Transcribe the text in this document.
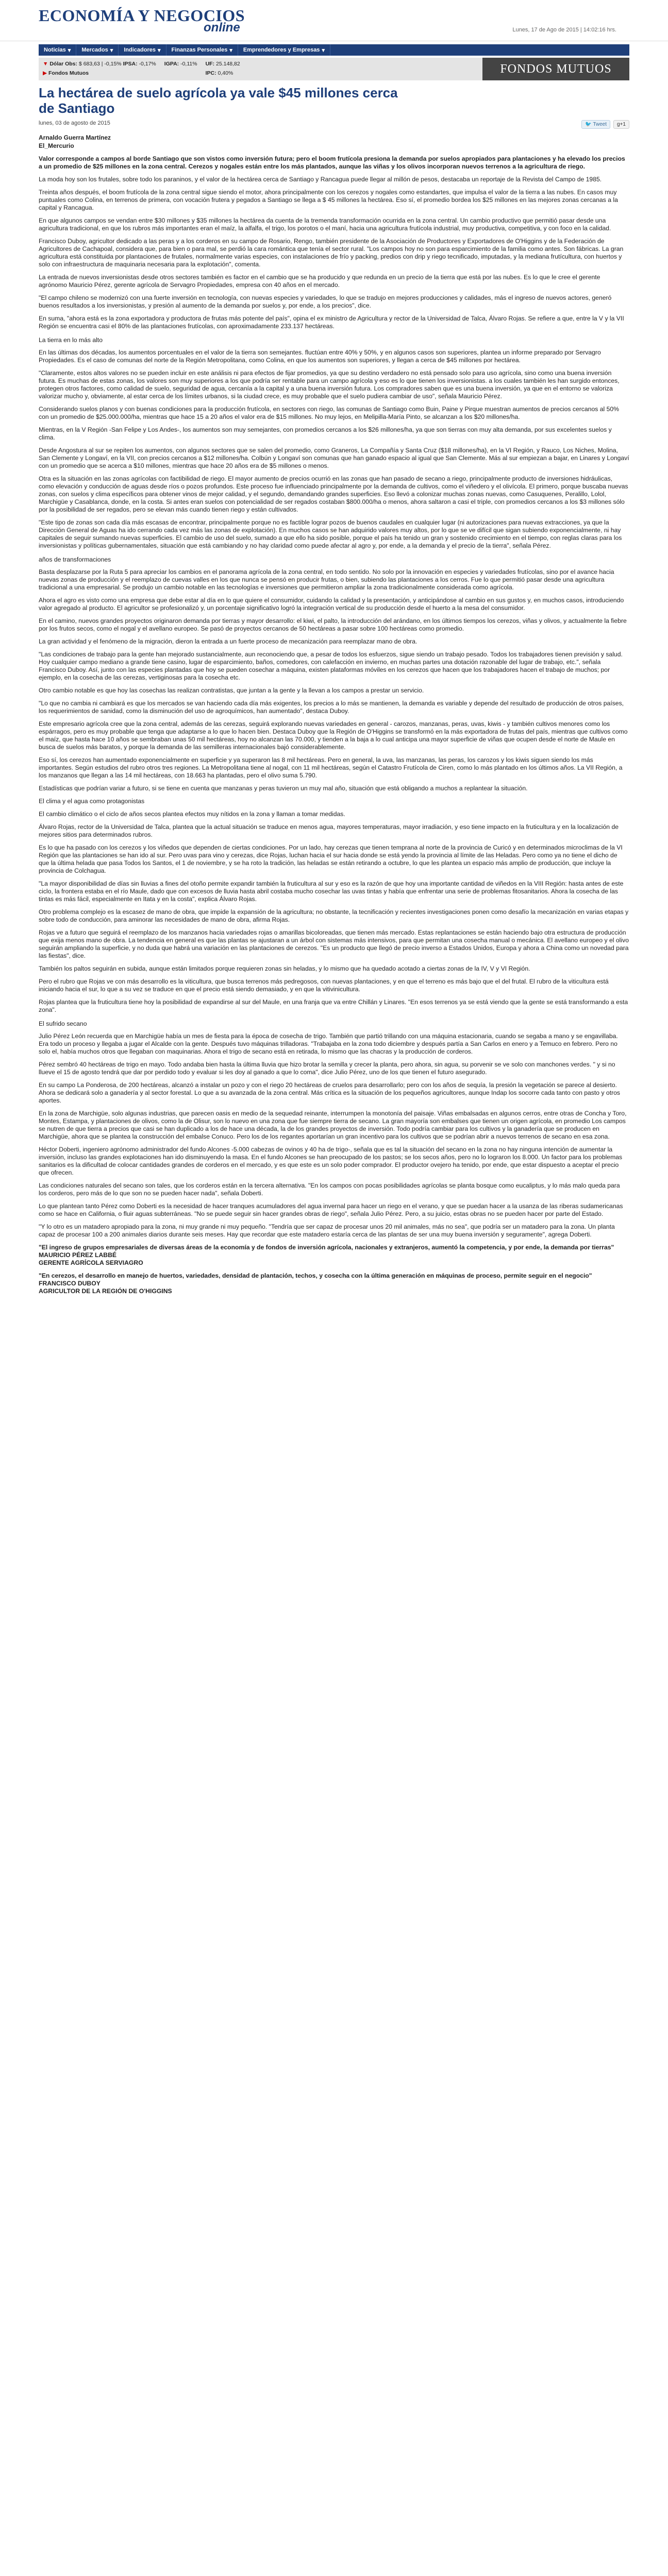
ECONOMÍA Y NEGOCIOS
online	Lunes, 17 de Ago de 2015 | 14:02:16 hrs.
Noticias ▾ Mercados ▾ Indicadores ▾ Finanzas Personales ▾ Emprendedores y Empresas ▾
▼ Dólar Obs: $ 683,63 | -0,15% IPSA: -0,17%
▶ Fondos Mutuos
IGPA: -0,11%
UF: 25.148,82
IPC: 0,40%	FONDOS MUTUOS
La hectárea de suelo agrícola ya vale $45 millones cerca de Santiago
lunes, 03 de agosto de 2015	🐦 Tweet	g+1
Arnaldo Guerra Martínez
El_Mercurio

Valor corresponde a campos al borde Santiago que son vistos como inversión futura; pero el boom frutícola presiona la demanda por suelos apropiados para plantaciones y ha elevado los precios a un promedio de $25 millones en la zona central. Cerezos y nogales están entre los más plantados, aunque las viñas y los olivos incorporan nuevos terrenos a la agricultura de riego.

La moda hoy son los frutales, sobre todo los paraninos, y el valor de la hectárea cerca de Santiago y Rancagua puede llegar al millón de pesos, destacaba un reportaje de la Revista del Campo de 1985.

Treinta años después, el boom frutícola de la zona central sigue siendo el motor, ahora principalmente con los cerezos y nogales como estandartes, que impulsa el valor de la tierra a las nubes. En casos muy puntuales como Colina, en terrenos de primera, con vocación frutera y pegados a Santiago se llega a $ 45 millones la hectárea. Eso sí, el promedio bordea los $25 millones en las mejores zonas cercanas a la capital y Rancagua.

En que algunos campos se vendan entre $30 millones y $35 millones la hectárea da cuenta de la tremenda transformación ocurrida en la zona central. Un cambio productivo que permitió pasar desde una agricultura tradicional, en que los rubros más importantes eran el maíz, la alfalfa, el trigo, los porotos o el maní, hacia una agricultura frutícola industrial, muy productiva, competitiva, y con foco en la calidad.

Francisco Duboy, agricultor dedicado a las peras y a los corderos en su campo de Rosario, Rengo, también presidente de la Asociación de Productores y Exportadores de O'Higgins y de la Federación de Agricultores de Cachapoal, considera que, para bien o para mal, se perdió la cara romántica que tenía el sector rural. "Los campos hoy no son para esparcimiento de la familia como antes. Son fábricas. La gran agricultura está constituida por plantaciones de frutales, normalmente varias especies, con instalaciones de frío y packing, predios con drip y riego tecnificado, imputadas, y la mediana frutícultura, con huertos y solo con infraestructura de maquinaria necesaria para la explotación", comenta.

La entrada de nuevos inversionistas desde otros sectores también es factor en el cambio que se ha producido y que redunda en un precio de la tierra que está por las nubes. Es lo que le cree el gerente agrónomo Mauricio Pérez, gerente agrícola de Servagro Propiedades, empresa con 40 años en el mercado.

"El campo chileno se modernizó con una fuerte inversión en tecnología, con nuevas especies y variedades, lo que se tradujo en mejores producciones y calidades, más el ingreso de nuevos actores, generó buenos resultados a los inversionistas, y presión al aumento de la demanda por suelos y, por ende, a los precios", dice.

En suma, "ahora está es la zona exportadora y productora de frutas más potente del país", opina el ex ministro de Agricultura y rector de la Universidad de Talca, Álvaro Rojas. Se refiere a que, entre la V y la VII Región se encuentra casi el 80% de las plantaciones frutícolas, con aproximadamente 233.137 hectáreas.

La tierra en lo más alto

En las últimas dos décadas, los aumentos porcentuales en el valor de la tierra son semejantes. fluctúan entre 40% y 50%, y en algunos casos son superiores, plantea un informe preparado por Servagro Propiedades. Es el caso de comunas del norte de la Región Metropolitana, como Colina, en que los aumentos son superiores, y llegan a cerca de $45 millones por hectárea.

"Claramente, estos altos valores no se pueden incluir en este análisis ni para efectos de fijar promedios, ya que su destino verdadero no está pensado solo para uso agrícola, sino como una buena inversión futura. Es muchas de estas zonas, los valores son muy superiores a los que podría ser rentable para un campo agrícola y eso es lo que tienen los inversionistas. a los cuales también les han surgido entonces, protegen otros factores, como calidad de suelo, seguridad de agua, cercanía a la capital y a una buena inversión futura. Los compradores saben que es una buena inversión, ya que en el entorno se valoriza valorizar mucho y, obviamente, al estar cerca de los límites urbanos, si la ciudad crece, es muy probable que el suelo pudiera cambiar de uso", señala Mauricio Pérez.

Considerando suelos planos y con buenas condiciones para la producción frutícola, en sectores con riego, las comunas de Santiago como Buin, Paine y Pirque muestran aumentos de precios cercanos al 50% con un promedio de $25.000.000/ha, mientras que hace 15 a 20 años el valor era de $15 millones. No muy lejos, en Melipilla-María Pinto, se alcanzan a los $20 millones/ha.

Mientras, en la V Región -San Felipe y Los Andes-, los aumentos son muy semejantes, con promedios cercanos a los $26 millones/ha, ya que son tierras con muy alta demanda, por sus excelentes suelos y clima.

Desde Angostura al sur se repiten los aumentos, con algunos sectores que se salen del promedio, como Graneros, La Compañía y Santa Cruz ($18 millones/ha), en la VI Región, y Rauco, Los Niches, Molina, San Clemente y Longaví, en la VII, con precios cercanos a $12 millones/ha. Colbún y Longaví son comunas que han ganado espacio al igual que San Clemente. Más al sur empiezan a bajar, en Linares y Longaví con un promedio que se acerca a $10 millones, mientras que hace 20 años era de $5 millones o menos.

Otra es la situación en las zonas agrícolas con factibilidad de riego. El mayor aumento de precios ocurrió en las zonas que han pasado de secano a riego, principalmente producto de inversiones hidráulicas, como elevación y conducción de aguas desde ríos o pozos profundos. Este proceso fue influenciado principalmente por la demanda de cultivos, como el viñedero y el olivícola. El primero, porque buscaba nuevas zonas, con suelos y clima específicos para obtener vinos de mejor calidad, y el segundo, demandando grandes superficies. Eso llevó a colonizar muchas zonas nuevas, como Casuquenes, Peralillo, Lolol, Marchigüe y Casablanca, donde, en la costa. Si antes eran suelos con potencialidad de ser regados costaban $800.000/ha o menos, ahora saltaron a casi el triple, con promedios cercanos a los $3 millones sólo por la posibilidad de ser regados, pero se elevan más cuando tienen riego y están cultivados.

"Este tipo de zonas son cada día más escasas de encontrar, principalmente porque no es factible lograr pozos de buenos caudales en cualquier lugar (ni autorizaciones para nuevas extracciones, ya que la Dirección General de Aguas ha ido cerrando cada vez más las zonas de explotación). En muchos casos se han adquirido valores muy altos, por lo que se ve difícil que sigan subiendo exponencialmente, ni hay capitales de seguir sumando nuevas superficies. El cambio de uso del suelo, sumado a que ello ha sido posible, porque el país ha tenido un gran y sostenido crecimiento en el tiempo, con reglas claras para los inversionistas y políticas gubernamentales, situación que está cambiando y no hay claridad como puede afectar al agro y, por ende, a la demanda y el precio de la tierra", señala Pérez.

años de transformaciones

Basta desplazarse por la Ruta 5 para apreciar los cambios en el panorama agrícola de la zona central, en todo sentido. No solo por la innovación en especies y variedades frutícolas, sino por el avance hacia nuevas zonas de producción y el reemplazo de cuevas valles en los que nunca se pensó en producir frutas, o bien, subiendo las plantaciones a los cerros. Fue lo que permitió pasar desde una agricultura tradicional a una empresarial. Se produjo un cambio notable en las tecnologías e inversiones que permitieron ampliar la zona tradicionalmente considerada como agrícola.

Ahora el agro es visto como una empresa que debe estar al día en lo que quiere el consumidor, cuidando la calidad y la presentación, y anticipándose al cambio en sus gustos y, en muchos casos, introduciendo valor agregado al producto. El agricultor se profesionalizó y, un porcentaje significativo logró la integración vertical de su producción desde el huerto a la mesa del consumidor.

En el camino, nuevos grandes proyectos originaron demanda por tierras y mayor desarrollo: el kiwi, el palto, la introducción del arándano, en los últimos tiempos los cerezos, viñas y olivos, y actualmente la fiebre por los frutos secos, como el nogal y el avellano europeo. Se pasó de proyectos cercanos de 50 hectáreas a pasar sobre 100 hectáreas como promedio.

La gran actividad y el fenómeno de la migración, dieron la entrada a un fuerte proceso de mecanización para reemplazar mano de obra.

"Las condiciones de trabajo para la gente han mejorado sustancialmente, aun reconociendo que, a pesar de todos los esfuerzos, sigue siendo un trabajo pesado. Todos los trabajadores tienen previsión y salud. Hoy cualquier campo mediano a grande tiene casino, lugar de esparcimiento, baños, comedores, con calefacción en invierno, en muchas partes una dotación razonable del lugar de trabajo, etc.", señala Francisco Duboy. Así, junto con las especies plantadas que hoy se pueden cosechar a máquina, existen plataformas móviles en los cerezos que hacen que los trabajadores hacen el trabajo de muchos; por ejemplo, en la cosecha de las cerezas, vertiginosas para la cosecha etc.

Otro cambio notable es que hoy las cosechas las realizan contratistas, que juntan a la gente y la llevan a los campos a prestar un servicio.

"Lo que no cambia ni cambiará es que los mercados se van haciendo cada día más exigentes, los precios a lo más se mantienen, la demanda es variable y depende del resultado de producción de otros países, los requerimientos de sanidad, como la disminución del uso de agroquímicos, han aumentado", destaca Duboy.

Este empresario agrícola cree que la zona central, además de las cerezas, seguirá explorando nuevas variedades en general - carozos, manzanas, peras, uvas, kiwis - y también cultivos menores como los espárragos, pero es muy probable que tenga que adaptarse a lo que lo hacen bien. Destaca Duboy que la Región de O'Higgins se transformó en la más exportadora de frutas del país, mientras que cultivos como el maíz, que hasta hace 10 años se sembraban unas 50 mil hectáreas, hoy no alcanzan las 70.000, y tienden a la baja a lo cual anticipa una mayor superficie de viñas que ocupen desde el norte de Maule en busca de suelos más baratos, y porque la demanda de las semilleras internacionales bajó considerablemente.

Eso sí, los cerezos han aumentado exponencialmente en superficie y ya superaron las 8 mil hectáreas. Pero en general, la uva, las manzanas, las peras, los carozos y los kiwis siguen siendo los más importantes. Según estudios del rubro otros tres regiones. La Metropolitana tiene al nogal, con 11 mil hectáreas, según el Catastro Frutícola de Ciren, como lo más plantado en los últimos años. La VII Región, a los manzanos que llegan a las 14 mil hectáreas, con 18.663 ha plantadas, pero el olivo suma 5.790.

Estadísticas que podrían variar a futuro, si se tiene en cuenta que manzanas y peras tuvieron un muy mal año, situación que está obligando a muchos a replantear la situación.

El clima y el agua como protagonistas

El cambio climático o el ciclo de años secos planteа efectos muy nítidos en la zona y llaman a tomar medidas.

Álvaro Rojas, rector de la Universidad de Talca, plantea que la actual situación se traduce en menos agua, mayores temperaturas, mayor irradiación, y eso tiene impacto en la fruticultura y en la localización de mejores sitios para determinados rubros.

Es lo que ha pasado con los cerezos y los viñedos que dependen de ciertas condiciones. Por un lado, hay cerezas que tienen temprana al norte de la provincia de Curicó y en determinados microclimas de la VI Región que las plantaciones se han ido al sur. Pero uvas para vino y cerezas, dice Rojas, luchan hacia el sur hacia donde se está yendo la provincia al límite de las Heladas. Pero como ya no tiene el dicho de que la última helada que pasa Todos los Santos, el 1 de noviembre, y se ha roto la tradición, las heladas se están retirando a octubre, lo que les plantea un espacio más amplio de producción, que incluye la provincia de Colchagua.

"La mayor disponibilidad de días sin lluvias a fines del otoño permite expandir también la fruticultura al sur y eso es la razón de que hoy una importante cantidad de viñedos en la VIII Región: hasta antes de este ciclo, la frontera estaba en el río Maule, dado que con excesos de lluvia hasta abril costaba mucho cosechar las uvas tintas y había que enfrentar una serie de problemas fitosanitarios. Ahora la cosecha de las tintas es más fácil, especialmente en Itata y en la costa", explica Álvaro Rojas.

Otro problema complejo es la escasez de mano de obra, que impide la expansión de la agricultura; no obstante, la tecnificación y recientes investigaciones ponen como desafío la mecanización en varias etapas y sobre todo de conducción, para aminorar las necesidades de mano de obra, afirma Rojas.

Rojas ve a futuro que seguirá el reemplazo de los manzanos hacia variedades rojas o amarillas bicoloreadas, que tienen más mercado. Estas replantaciones se están haciendo bajo otra estructura de producción que exija menos mano de obra. La tendencia en general es que las plantas se ajustaran a un árbol con sistemas más intensivos, para que permitan una cosecha manual o mecánica. El avellano europeo y el olivo seguirán ampliando la superficie, y no duda que habrá una variación en las plantaciones de cerezos. "Es un producto que llegó de precio inverso a Estados Unidos, Europa y ahora a China como un novedad para las fiestas", dice.

También los paltos seguirán en subida, aunque están limitados porque requieren zonas sin heladas, y lo mismo que ha quedado acotado a ciertas zonas de la IV, V y VI Región.

Pero el rubro que Rojas ve con más desarrollo es la viticultura, que busca terrenos más pedregosos, con nuevas plantaciones, y en que el terreno es más bajo que el del frutal. El rubro de la viticultura está iniciando hacia el sur, lo que a su vez se traduce en que el precio está siendo demasiado, y en que la vitivinicultura.

Rojas plantea que la fruticultura tiene hoy la posibilidad de expandirse al sur del Maule, en una franja que va entre Chillán y Linares. "En esos terrenos ya se está viendo que la gente se está transformando a esta zona".

El sufrido secano

Julio Pérez León recuerda que en Marchigüe había un mes de fiesta para la época de cosecha de trigo. También que partió trillando con una máquina estacionaria, cuando se segaba a mano y se engavillaba. Era todo un proceso y llegaba a jugar el Alcalde con la gente. Después tuvo máquinas trilladoras. "Trabajaba en la zona todo diciembre y después partía a San Carlos en enero y a Temuco en febrero. Pero no solo el, había muchos otros que llegaban con maquinarias. Ahora el trigo de secano está en retirada, lo mismo que las chacras y la producción de corderos.

Pérez sembró 40 hectáreas de trigo en mayo. Todo andaba bien hasta la última lluvia que hizo brotar la semilla y crecer la planta, pero ahora, sin agua, su porvenir se ve solo con manchones verdes. " y si no llueve el 15 de agosto tendrá que dar por perdido todo y evaluar si les doy al ganado a que lo coma", dice Julio Pérez, uno de los que tienen el futuro asegurado.

En su campo La Ponderosa, de 200 hectáreas, alcanzó a instalar un pozo y con el riego 20 hectáreas de cruelos para desarrollarlo; pero con los años de sequía, la presión la vegetación se parece al desierto. Ahora se dedicará solo a ganadería y al sector forestal. Lo que a su avanzada de la zona central. Más crítica es la situación de los pequeños agricultores, aunque Indap los socorre cada tanto con pasto y otros aportes.

En la zona de Marchigüe, solo algunas industrias, que parecen oasis en medio de la sequedad reinante, interrumpen la monotonía del paisaje. Viñas embalsadas en algunos cerros, entre otras de Concha y Toro, Montes, Estampa, y plantaciones de olivos, como la de Olisur, son lo nuevo en una zona que fue siempre tierra de secano. La gran mayoría son embalses que tienen un origen agrícola, en promedio Los campos se nutren de que tierra a precios que casi se han duplicado a los de hace una década, la de los grandes proyectos de inversión. Todo podría cambiar para los cultivos y la ganadería que se producen en Marchigüe, ahora que se plantea la construcción del embalse Conuco. Pero los de los regantes aportarían un gran incentivo para los cultivos que se podrían abrir a nuevos terrenos de secano en esa zona.

Héctor Doberti, ingeniero agrónomo administrador del fundo Alcones -5.000 cabezas de ovinos y 40 ha de trigo-, señala que es tal la situación del secano en la zona no hay ninguna intención de aumentar la inversión, incluso las grandes explotaciones han ido disminuyendo la masa. En el fundo Alcones se han preocupado de los pastos; se los secos años, pero no lo lograron los 8.000. Un factor para los problemas sanitarios es la dificultad de colocar cantidades grandes de corderos en el mercado, y es que este es un solo poder comprador. El productor ovejero ha tenido, por ende, que estar dispuesto a aceptar el precio que ofrecen.

Las condiciones naturales del secano son tales, que los corderos están en la tercera alternativa. "En los campos con pocas posibilidades agrícolas se planta bosque como eucaliptus, y lo más malo queda para los corderos, pero más de lo que son no se pueden hacer nada", señala Doberti.

Lo que plantean tanto Pérez como Doberti es la necesidad de hacer tranques acumuladores del agua invernal para hacer un riego en el verano, y que se puedan hacer a la usanza de las riberas sudamericanas como se hace en California, o fluir aguas subterráneas. "No se puede seguir sin hacer grandes obras de riego", señala Julio Pérez. Pero, a su juicio, estas obras no se pueden hacer por parte del Estado.

"Y lo otro es un matadero apropiado para la zona, ni muy grande ni muy pequeño. "Tendría que ser capaz de procesar unos 20 mil animales, más no sea", que podría ser un matadero para la zona. Un planta capaz de procesar 100 a 200 animales diarios durante seis meses. Hay que recordar que este matadero estaría cerca de las plantas de ser una muy buena inversión y seguramente", agrega Doberti.

"El ingreso de grupos empresariales de diversas áreas de la economía y de fondos de inversión agrícola, nacionales y extranjeros, aumentó la competencia, y por ende, la demanda por tierras"

MAURICIO PÉREZ LABBÉ
GERENTE AGRÍCOLA SERVIAGRO

"En cerezos, el desarrollo en manejo de huertos, variedades, densidad de plantación, techos, y cosecha con la última generación en máquinas de proceso, permite seguir en el negocio"

FRANCISCO DUBOY
AGRICULTOR DE LA REGIÓN DE O'HIGGINS
